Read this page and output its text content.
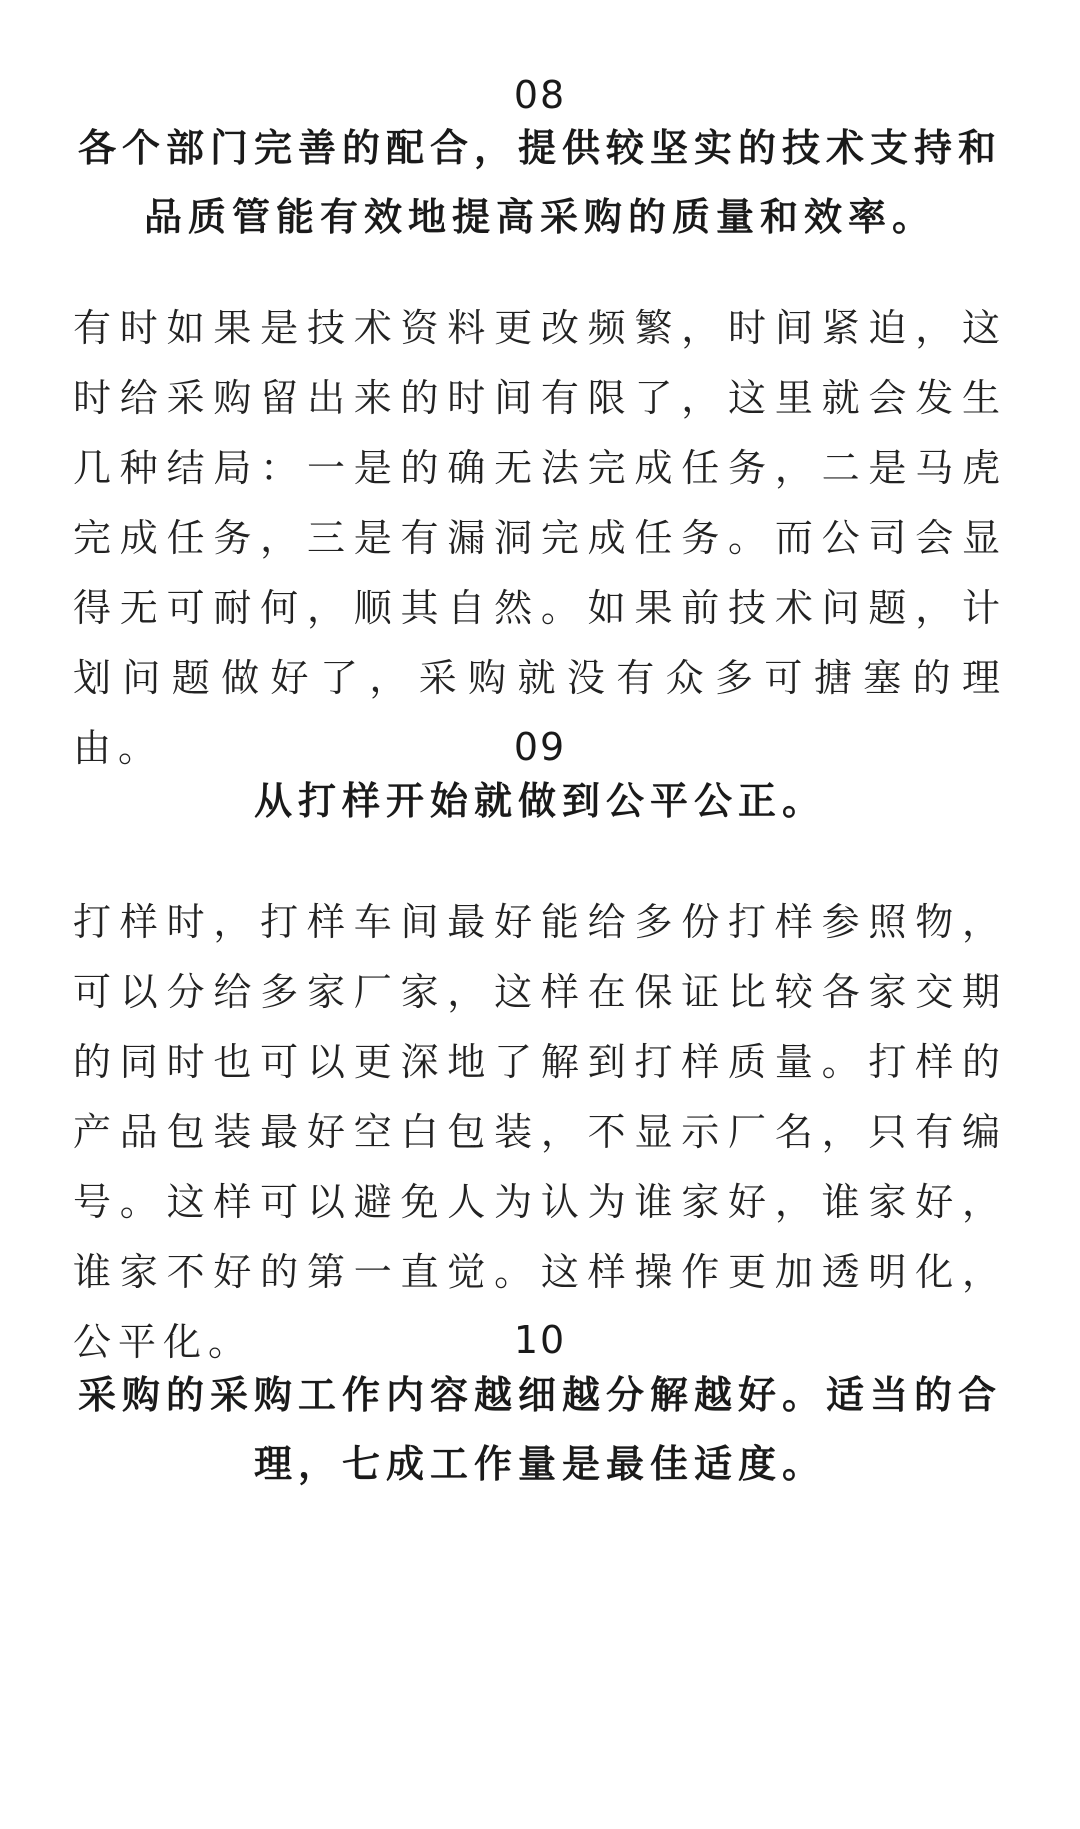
08
各个部门完善的配合，提供较坚实的技术支持和品质管能有效地提高采购的质量和效率。
有时如果是技术资料更改频繁，时间紧迫，这时给采购留出来的时间有限了，这里就会发生几种结局：一是的确无法完成任务，二是马虎完成任务，三是有漏洞完成任务。而公司会显得无可耐何，顺其自然。如果前技术问题，计划问题做好了，采购就没有众多可搪塞的理由。	09
从打样开始就做到公平公正。
打样时，打样车间最好能给多份打样参照物，可以分给多家厂家，这样在保证比较各家交期的同时也可以更深地了解到打样质量。打样的产品包装最好空白包装，不显示厂名，只有编号。这样可以避免人为认为谁家好，谁家好，谁家不好的第一直觉。这样操作更加透明化，公平化。	10
采购的采购工作内容越细越分解越好。适当的合理，七成工作量是最佳适度。
